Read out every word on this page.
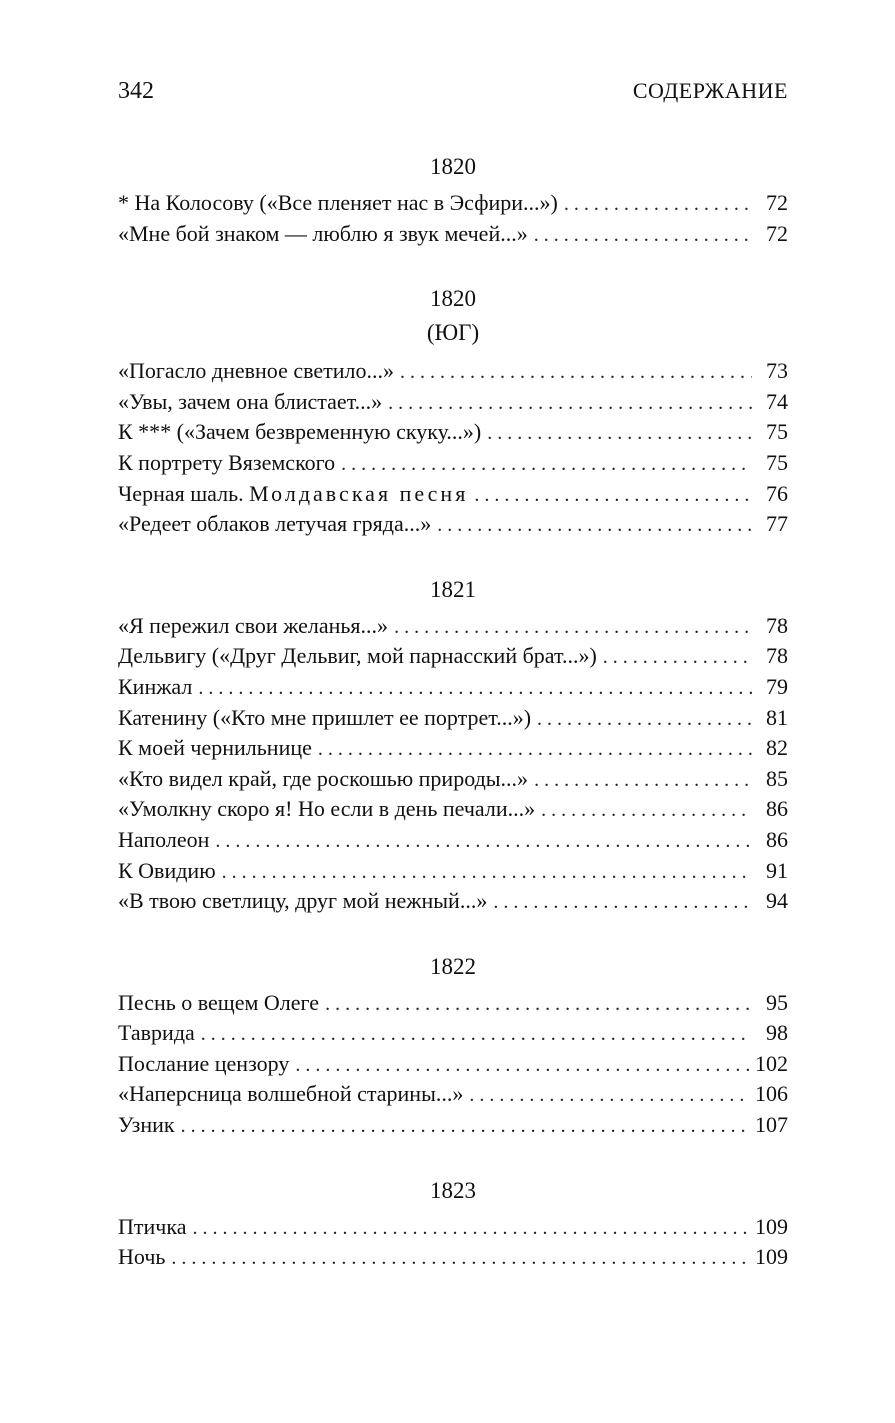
342	СОДЕРЖАНИЕ
1820
* На Колосову («Все пленяет нас в Эсфири...») . . .	72
«Мне бой знаком — люблю я звук мечей...» . . .	72
1820
(ЮГ)
«Погасло дневное светило...» . . .	73
«Увы, зачем она блистает...» . . .	74
К *** («Зачем безвременную скуку...») . . .	75
К портрету Вяземского . . .	75
Черная шаль. Молдавская песня . . .	76
«Редеет облаков летучая гряда...» . . .	77
1821
«Я пережил свои желанья...» . . .	78
Дельвигу («Друг Дельвиг, мой парнасский брат...») . . .	78
Кинжал . . .	79
Катенину («Кто мне пришлет ее портрет...») . . .	81
К моей чернильнице . . .	82
«Кто видел край, где роскошью природы...» . . .	85
«Умолкну скоро я! Но если в день печали...» . . .	86
Наполеон . . .	86
К Овидию . . .	91
«В твою светлицу, друг мой нежный...» . . .	94
1822
Песнь о вещем Олеге . . .	95
Таврида . . .	98
Послание цензору . . .	102
«Наперсница волшебной старины...» . . .	106
Узник . . .	107
1823
Птичка . . .	109
Ночь . . .	109
